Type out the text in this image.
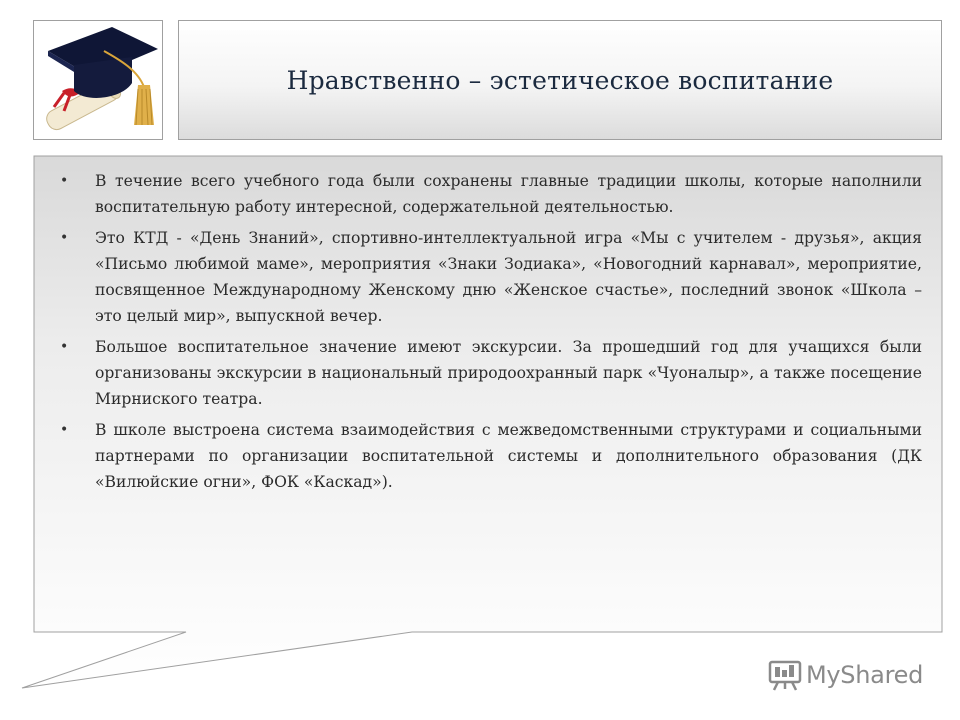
Нравственно – эстетическое воспитание
• В течение всего учебного года были сохранены главные традиции школы, которые наполнили воспитательную работу интересной, содержательной деятельностью.
• Это КТД - «День Знаний», спортивно-интеллектуальной игра «Мы с учителем - друзья», акция «Письмо любимой маме», мероприятия «Знаки Зодиака», «Новогодний карнавал», мероприятие, посвященное Международному Женскому дню «Женское счастье», последний звонок «Школа – это целый мир», выпускной вечер.
• Большое воспитательное значение имеют экскурсии. За прошедший год для учащихся были организованы экскурсии в национальный природоохранный парк «Чуоналыр», а также посещение Мирниского театра.
• В школе выстроена система взаимодействия с межведомственными структурами и социальными партнерами по организации воспитательной системы и дополнительного образования (ДК «Вилюйские огни», ФОК «Каскад»).
MyShared
